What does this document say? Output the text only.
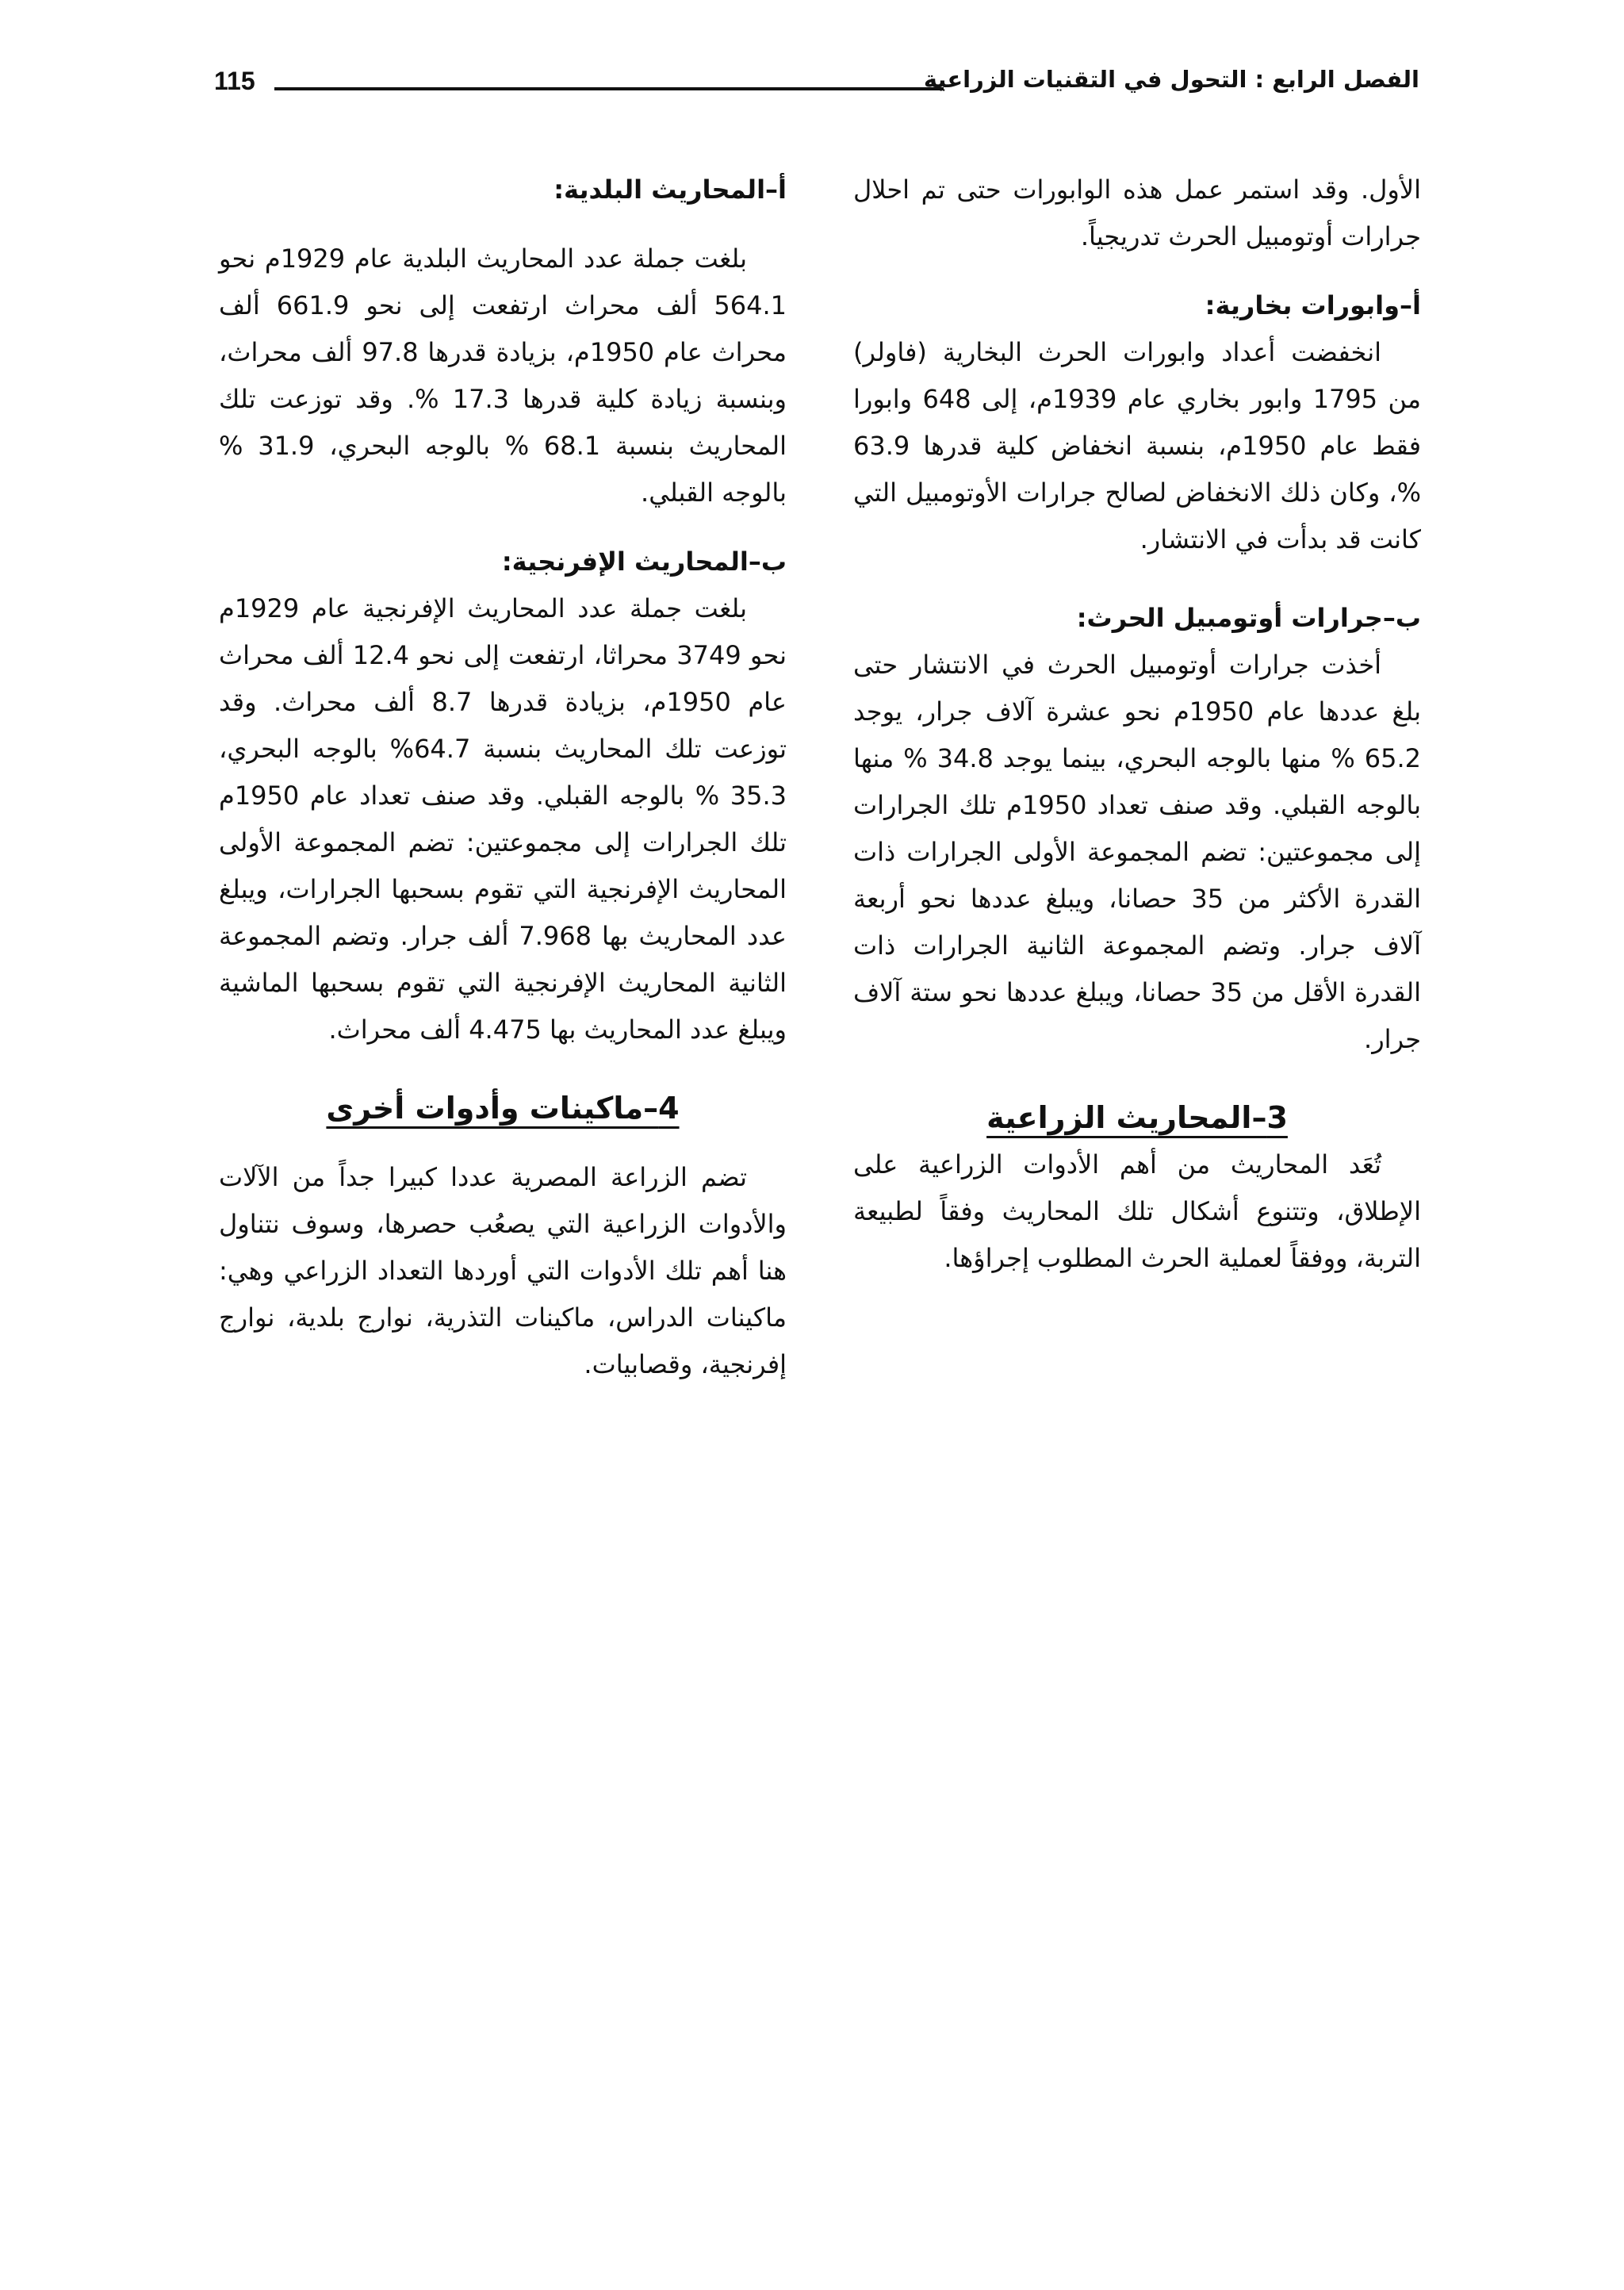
115	الفصل الرابع : التحول في التقنيات الزراعية

الأول. وقد استمر عمل هذه الوابورات حتى تم احلال جرارات أوتومبيل الحرث تدريجياً.

أ–وابورات بخارية:

انخفضت أعداد وابورات الحرث البخارية (فاولر) من 1795 وابور بخاري عام 1939م، إلى 648 وابورا فقط عام 1950م، بنسبة انخفاض كلية قدرها 63.9 %، وكان ذلك الانخفاض لصالح جرارات الأوتومبيل التي كانت قد بدأت في الانتشار.

ب–جرارات أوتومبيل الحرث:

أخذت جرارات أوتومبيل الحرث في الانتشار حتى بلغ عددها عام 1950م نحو عشرة آلاف جرار، يوجد 65.2 % منها بالوجه البحري، بينما يوجد 34.8 % منها بالوجه القبلي. وقد صنف تعداد 1950م تلك الجرارات إلى مجموعتين: تضم المجموعة الأولى الجرارات ذات القدرة الأكثر من 35 حصانا، ويبلغ عددها نحو أربعة آلاف جرار. وتضم المجموعة الثانية الجرارات ذات القدرة الأقل من 35 حصانا، ويبلغ عددها نحو ستة آلاف جرار.

3–المحاريث الزراعية

تُعَد المحاريث من أهم الأدوات الزراعية على الإطلاق، وتتنوع أشكال تلك المحاريث وفقاً لطبيعة التربة، ووفقاً لعملية الحرث المطلوب إجراؤها.

أ–المحاريث البلدية:

بلغت جملة عدد المحاريث البلدية عام 1929م نحو 564.1 ألف محراث ارتفعت إلى نحو 661.9 ألف محراث عام 1950م، بزيادة قدرها 97.8 ألف محراث، وبنسبة زيادة كلية قدرها 17.3 %. وقد توزعت تلك المحاريث بنسبة 68.1 % بالوجه البحري، 31.9 % بالوجه القبلي.

ب–المحاريث الإفرنجية:

بلغت جملة عدد المحاريث الإفرنجية عام 1929م نحو 3749 محراثا، ارتفعت إلى نحو 12.4 ألف محراث عام 1950م، بزيادة قدرها 8.7 ألف محراث. وقد توزعت تلك المحاريث بنسبة 64.7% بالوجه البحري، 35.3 % بالوجه القبلي. وقد صنف تعداد عام 1950م تلك الجرارات إلى مجموعتين: تضم المجموعة الأولى المحاريث الإفرنجية التي تقوم بسحبها الجرارات، ويبلغ عدد المحاريث بها 7.968 ألف جرار. وتضم المجموعة الثانية المحاريث الإفرنجية التي تقوم بسحبها الماشية ويبلغ عدد المحاريث بها 4.475 ألف محراث.

4–ماكينات وأدوات أخرى

تضم الزراعة المصرية عددا كبيرا جداً من الآلات والأدوات الزراعية التي يصعُب حصرها، وسوف نتناول هنا أهم تلك الأدوات التي أوردها التعداد الزراعي وهي: ماكينات الدراس، ماكينات التذرية، نوارج بلدية، نوارج إفرنجية، وقصابيات.
